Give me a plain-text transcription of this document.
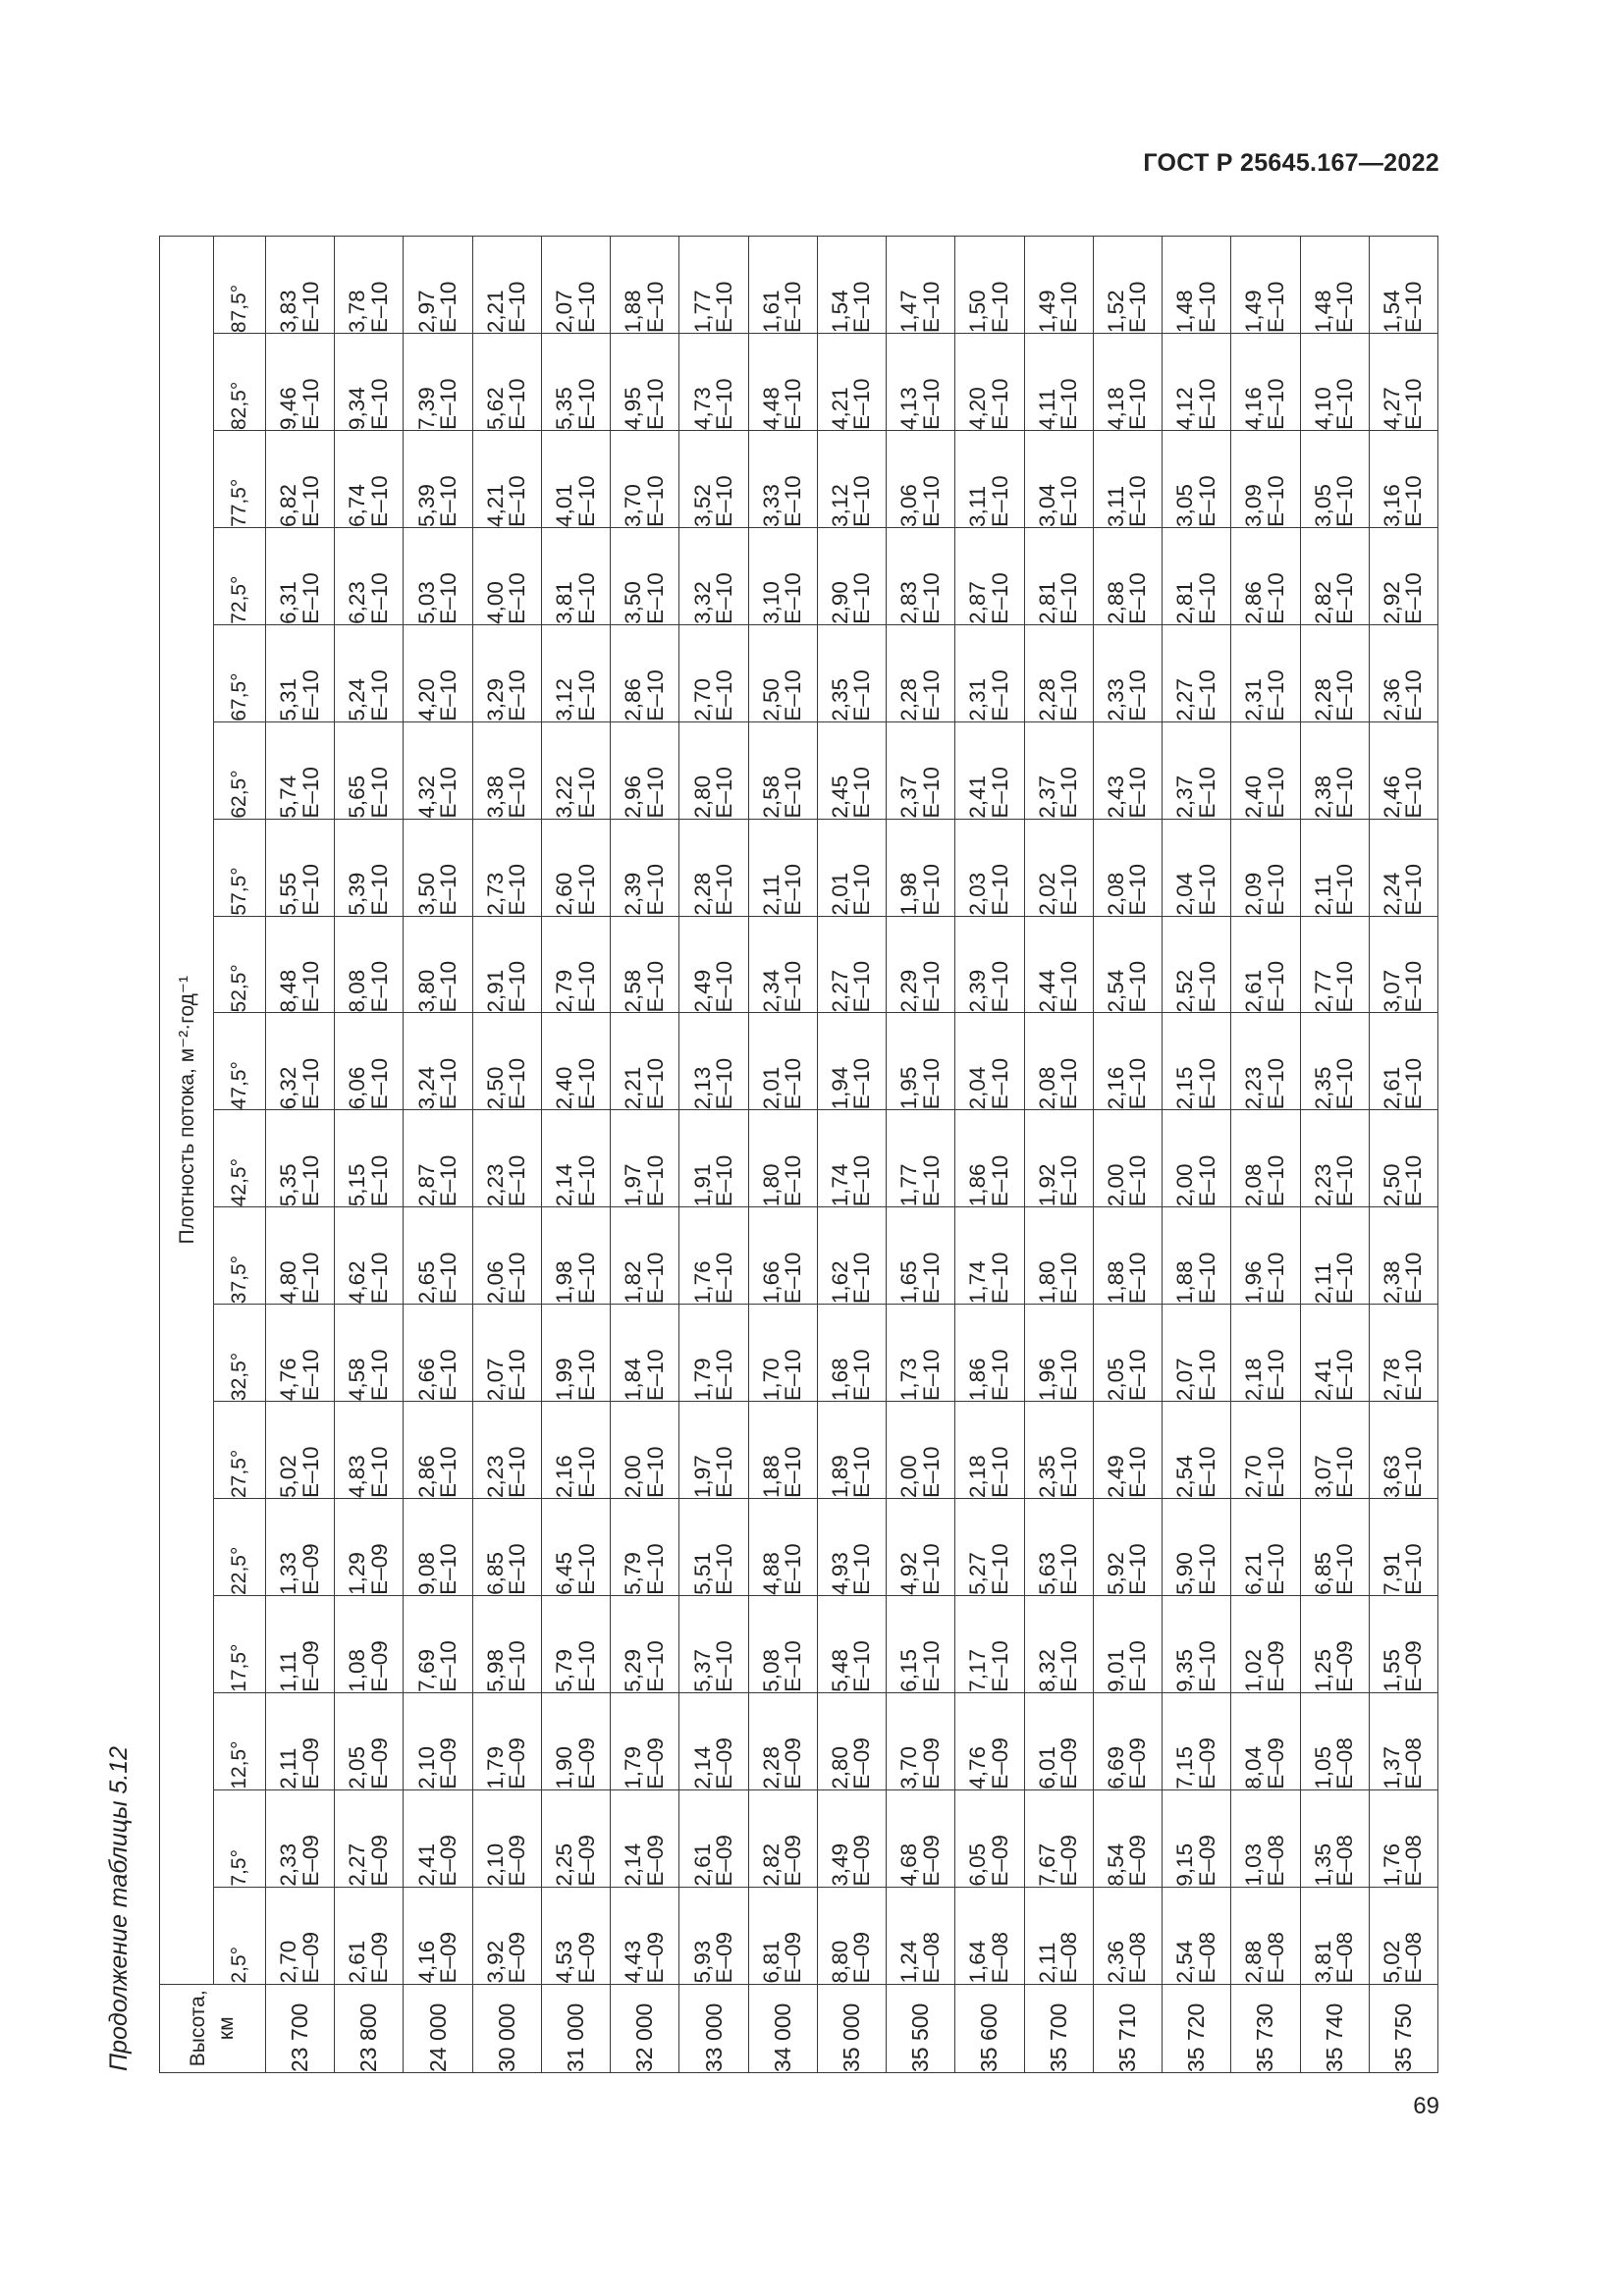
ГОСТ Р 25645.167—2022
Продолжение таблицы 5.12	Высота, км	Плотность потока, м⁻²·год⁻¹																	
	2,5°	7,5°	12,5°	17,5°	22,5°	27,5°	32,5°	37,5°	42,5°	47,5°	52,5°	57,5°	62,5°	67,5°	72,5°	77,5°	82,5°	87,5°
23 700	2,70
E–09	2,33
E–09	2,11
E–09	1,11
E–09	1,33
E–09	5,02
E–10	4,76
E–10	4,80
E–10	5,35
E–10	6,32
E–10	8,48
E–10	5,55
E–10	5,74
E–10	5,31
E–10	6,31
E–10	6,82
E–10	9,46
E–10	3,83
E–10

23 800	2,61
E–09	2,27
E–09	2,05
E–09	1,08
E–09	1,29
E–09	4,83
E–10	4,58
E–10	4,62
E–10	5,15
E–10	6,06
E–10	8,08
E–10	5,39
E–10	5,65
E–10	5,24
E–10	6,23
E–10	6,74
E–10	9,34
E–10	3,78
E–10

24 000	4,16
E–09	2,41
E–09	2,10
E–09	7,69
E–10	9,08
E–10	2,86
E–10	2,66
E–10	2,65
E–10	2,87
E–10	3,24
E–10	3,80
E–10	3,50
E–10	4,32
E–10	4,20
E–10	5,03
E–10	5,39
E–10	7,39
E–10	2,97
E–10

30 000	3,92
E–09	2,10
E–09	1,79
E–09	5,98
E–10	6,85
E–10	2,23
E–10	2,07
E–10	2,06
E–10	2,23
E–10	2,50
E–10	2,91
E–10	2,73
E–10	3,38
E–10	3,29
E–10	4,00
E–10	4,21
E–10	5,62
E–10	2,21
E–10

31 000	4,53
E–09	2,25
E–09	1,90
E–09	5,79
E–10	6,45
E–10	2,16
E–10	1,99
E–10	1,98
E–10	2,14
E–10	2,40
E–10	2,79
E–10	2,60
E–10	3,22
E–10	3,12
E–10	3,81
E–10	4,01
E–10	5,35
E–10	2,07
E–10

32 000	4,43
E–09	2,14
E–09	1,79
E–09	5,29
E–10	5,79
E–10	2,00
E–10	1,84
E–10	1,82
E–10	1,97
E–10	2,21
E–10	2,58
E–10	2,39
E–10	2,96
E–10	2,86
E–10	3,50
E–10	3,70
E–10	4,95
E–10	1,88
E–10

33 000	5,93
E–09	2,61
E–09	2,14
E–09	5,37
E–10	5,51
E–10	1,97
E–10	1,79
E–10	1,76
E–10	1,91
E–10	2,13
E–10	2,49
E–10	2,28
E–10	2,80
E–10	2,70
E–10	3,32
E–10	3,52
E–10	4,73
E–10	1,77
E–10

34 000	6,81
E–09	2,82
E–09	2,28
E–09	5,08
E–10	4,88
E–10	1,88
E–10	1,70
E–10	1,66
E–10	1,80
E–10	2,01
E–10	2,34
E–10	2,11
E–10	2,58
E–10	2,50
E–10	3,10
E–10	3,33
E–10	4,48
E–10	1,61
E–10

35 000	8,80
E–09	3,49
E–09	2,80
E–09	5,48
E–10	4,93
E–10	1,89
E–10	1,68
E–10	1,62
E–10	1,74
E–10	1,94
E–10	2,27
E–10	2,01
E–10	2,45
E–10	2,35
E–10	2,90
E–10	3,12
E–10	4,21
E–10	1,54
E–10

35 500	1,24
E–08	4,68
E–09	3,70
E–09	6,15
E–10	4,92
E–10	2,00
E–10	1,73
E–10	1,65
E–10	1,77
E–10	1,95
E–10	2,29
E–10	1,98
E–10	2,37
E–10	2,28
E–10	2,83
E–10	3,06
E–10	4,13
E–10	1,47
E–10

35 600	1,64
E–08	6,05
E–09	4,76
E–09	7,17
E–10	5,27
E–10	2,18
E–10	1,86
E–10	1,74
E–10	1,86
E–10	2,04
E–10	2,39
E–10	2,03
E–10	2,41
E–10	2,31
E–10	2,87
E–10	3,11
E–10	4,20
E–10	1,50
E–10

35 700	2,11
E–08	7,67
E–09	6,01
E–09	8,32
E–10	5,63
E–10	2,35
E–10	1,96
E–10	1,80
E–10	1,92
E–10	2,08
E–10	2,44
E–10	2,02
E–10	2,37
E–10	2,28
E–10	2,81
E–10	3,04
E–10	4,11
E–10	1,49
E–10

35 710	2,36
E–08	8,54
E–09	6,69
E–09	9,01
E–10	5,92
E–10	2,49
E–10	2,05
E–10	1,88
E–10	2,00
E–10	2,16
E–10	2,54
E–10	2,08
E–10	2,43
E–10	2,33
E–10	2,88
E–10	3,11
E–10	4,18
E–10	1,52
E–10

35 720	2,54
E–08	9,15
E–09	7,15
E–09	9,35
E–10	5,90
E–10	2,54
E–10	2,07
E–10	1,88
E–10	2,00
E–10	2,15
E–10	2,52
E–10	2,04
E–10	2,37
E–10	2,27
E–10	2,81
E–10	3,05
E–10	4,12
E–10	1,48
E–10

35 730	2,88
E–08	1,03
E–08	8,04
E–09	1,02
E–09	6,21
E–10	2,70
E–10	2,18
E–10	1,96
E–10	2,08
E–10	2,23
E–10	2,61
E–10	2,09
E–10	2,40
E–10	2,31
E–10	2,86
E–10	3,09
E–10	4,16
E–10	1,49
E–10

35 740	3,81
E–08	1,35
E–08	1,05
E–08	1,25
E–09	6,85
E–10	3,07
E–10	2,41
E–10	2,11
E–10	2,23
E–10	2,35
E–10	2,77
E–10	2,11
E–10	2,38
E–10	2,28
E–10	2,82
E–10	3,05
E–10	4,10
E–10	1,48
E–10

35 750	5,02
E–08	1,76
E–08	1,37
E–08	1,55
E–09	7,91
E–10	3,63
E–10	2,78
E–10	2,38
E–10	2,50
E–10	2,61
E–10	3,07
E–10	2,24
E–10	2,46
E–10	2,36
E–10	2,92
E–10	3,16
E–10	4,27
E–10	1,54
E–10
69
